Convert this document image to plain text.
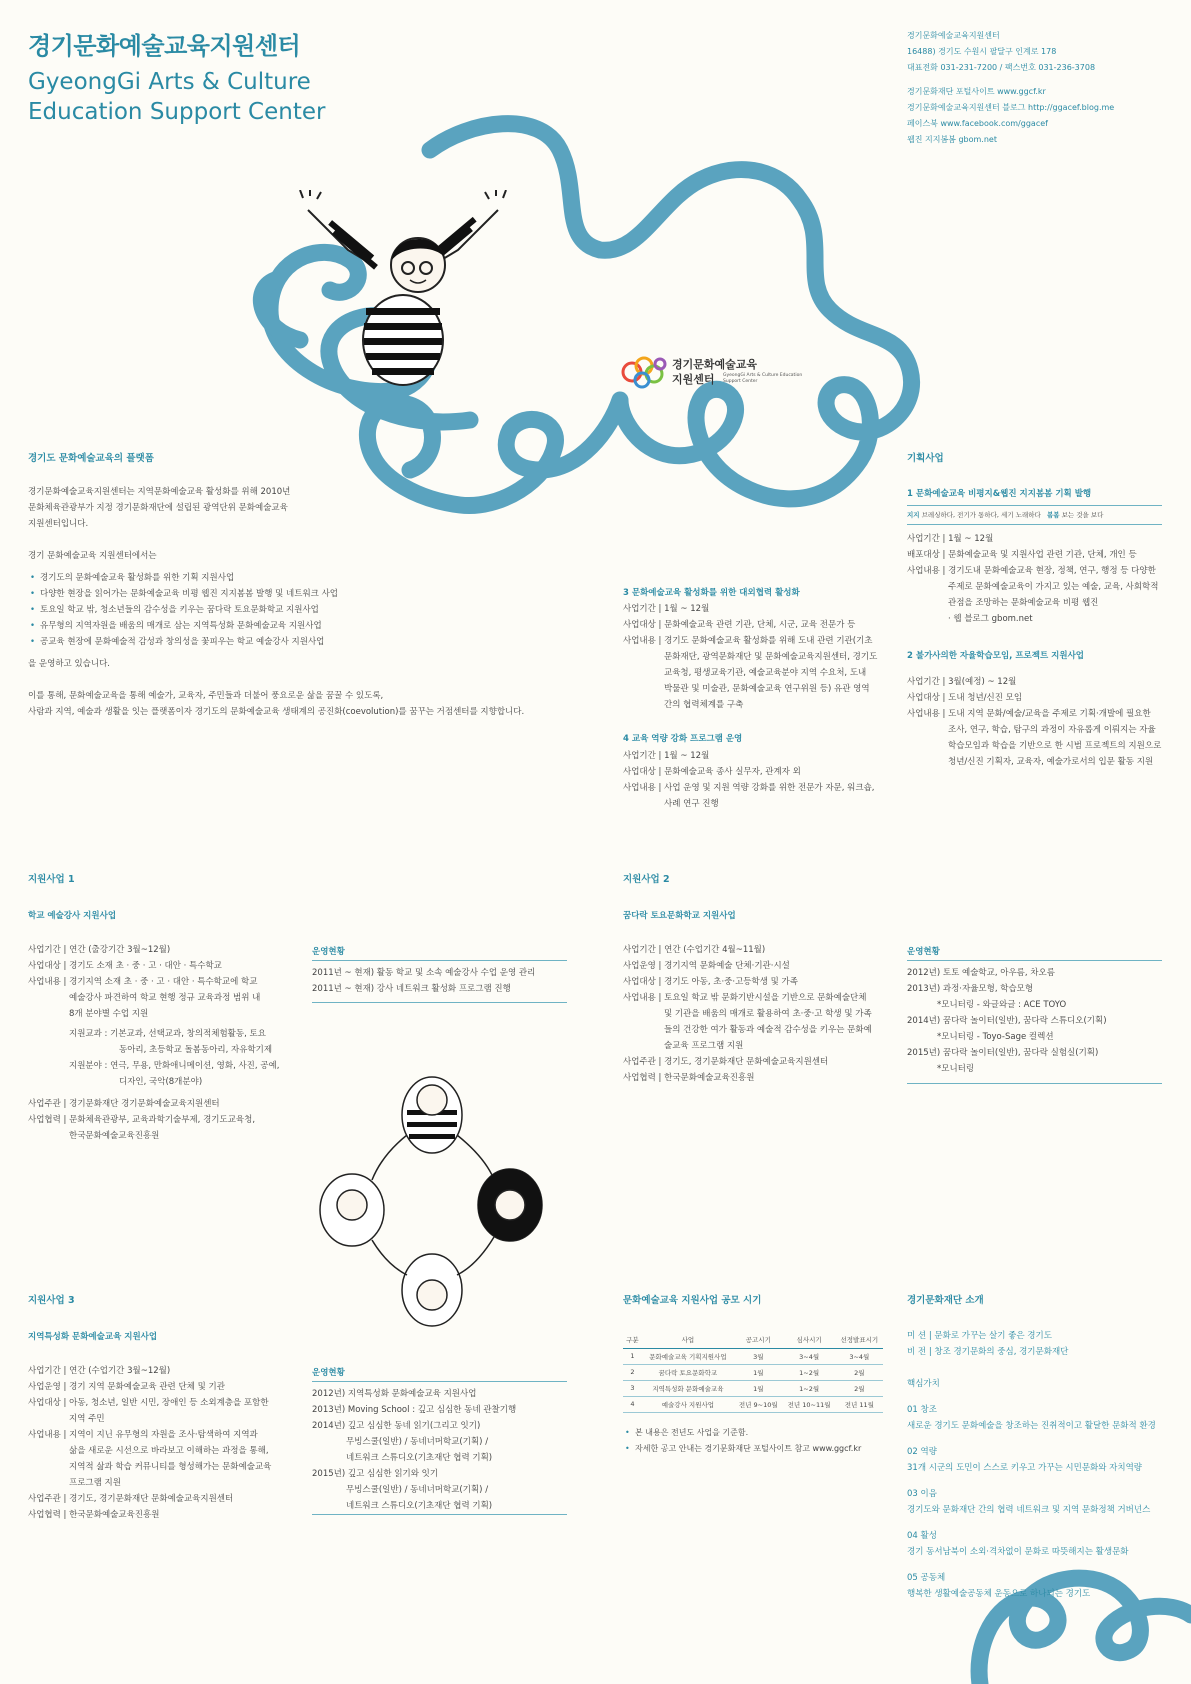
경기문화예술교육지원센터
GyeongGi Arts & Culture
Education Support Center
경기문화예술교육지원센터
16488) 경기도 수원시 팔달구 인계로 178
대표전화 031-231-7200 / 팩스번호 031-236-3708
경기문화재단 포털사이트 www.ggcf.kr
경기문화예술교육지원센터 블로그 http://ggacef.blog.me
페이스북 www.facebook.com/ggacef
웹진 지지봄봄 gbom.net
경기문화예술교육
지원센터 GyeongGi Arts & Culture Education
Support Center
경기도 문화예술교육의 플랫폼
경기문화예술교육지원센터는 지역문화예술교육 활성화를 위해 2010년
문화체육관광부가 지정 경기문화재단에 설립된 광역단위 문화예술교육
지원센터입니다.
경기 문화예술교육 지원센터에서는
• 경기도의 문화예술교육 활성화를 위한 기획 지원사업
• 다양한 현장을 읽어가는 문화예술교육 비평 웹진 지지봄봄 발행 및 네트워크 사업
• 토요일 학교 밖, 청소년들의 감수성을 키우는 꿈다락 토요문화학교 지원사업
• 유무형의 지역자원을 배움의 매개로 삼는 지역특성화 문화예술교육 지원사업
• 공교육 현장에 문화예술적 감성과 창의성을 꽃피우는 학교 예술강사 지원사업
을 운영하고 있습니다.
이를 통해, 문화예술교육을 통해 예술가, 교육자, 주민들과 더불어 풍요로운 삶을 꿈꿀 수 있도록,
사람과 지역, 예술과 생활을 잇는 플랫폼이자 경기도의 문화예술교육 생태계의 공진화(coevolution)를 꿈꾸는 거점센터를 지향합니다.
기획사업
1 문화예술교육 비평지&웹진 지지봄봄 기획 발행
지지 브레싱하다, 전기가 통하다, 세기 노래하다 봄봄 보는 것을 보다
사업기간 | 1월 ~ 12월
배포대상 | 문화예술교육 및 지원사업 관련 기관, 단체, 개인 등
사업내용 | 경기도내 문화예술교육 현장, 정책, 연구, 행정 등 다양한
주제로 문화예술교육이 가지고 있는 예술, 교육, 사회학적
관점을 조망하는 문화예술교육 비평 웹진
· 웹 블로그 gbom.net
2 불가사의한 자율학습모임, 프로젝트 지원사업
사업기간 | 3월(예정) ~ 12월
사업대상 | 도내 청년/신진 모임
사업내용 | 도내 지역 문화/예술/교육을 주제로 기획·개발에 필요한
조사, 연구, 학습, 탐구의 과정이 자유롭게 이뤄지는 자율
학습모임과 학습을 기반으로 한 시범 프로젝트의 지원으로
청년/신진 기획자, 교육자, 예술가로서의 입문 활동 지원
3 문화예술교육 활성화를 위한 대외협력 활성화
사업기간 | 1월 ~ 12월
사업대상 | 문화예술교육 관련 기관, 단체, 시군, 교육 전문가 등
사업내용 | 경기도 문화예술교육 활성화를 위해 도내 관련 기관(기초
문화재단, 광역문화재단 및 문화예술교육지원센터, 경기도
교육청, 평생교육기관, 예술교육분야 지역 수요처, 도내
박물관 및 미술관, 문화예술교육 연구위원 등) 유관 영역
간의 협력체계를 구축
4 교육 역량 강화 프로그램 운영
사업기간 | 1월 ~ 12월
사업대상 | 문화예술교육 종사 실무자, 관계자 외
사업내용 | 사업 운영 및 지원 역량 강화를 위한 전문가 자문, 워크숍,
사례 연구 진행
지원사업 1
학교 예술강사 지원사업
사업기간 | 연간 (출강기간 3월~12월)
사업대상 | 경기도 소재 초 · 중 · 고 · 대안 · 특수학교
사업내용 | 경기지역 소재 초 · 중 · 고 · 대안 · 특수학교에 학교
예술강사 파견하여 학교 현행 정규 교육과정 범위 내
8개 분야별 수업 지원
지원교과 : 기본교과, 선택교과, 창의적체험활동, 토요
동아리, 초등학교 돌봄동아리, 자유학기제
지원분야 : 연극, 무용, 만화애니메이션, 영화, 사진, 공예,
디자인, 국악(8개분야)
사업주관 | 경기문화재단 경기문화예술교육지원센터
사업협력 | 문화체육관광부, 교육과학기술부제, 경기도교육청,
한국문화예술교육진흥원
운영현황
2011년 ~ 현재) 활동 학교 및 소속 예술강사 수업 운영 관리
2011년 ~ 현재) 강사 네트워크 활성화 프로그램 진행
지원사업 2
꿈다락 토요문화학교 지원사업
사업기간 | 연간 (수업기간 4월~11월)
사업운영 | 경기지역 문화예술 단체·기관·시설
사업대상 | 경기도 아동, 초·중·고등학생 및 가족
사업내용 | 토요일 학교 밖 문화기반시설을 기반으로 문화예술단체
및 기관을 배움의 매개로 활용하여 초·중·고 학생 및 가족
들의 건강한 여가 활동과 예술적 감수성을 키우는 문화예
술교육 프로그램 지원
사업주관 | 경기도, 경기문화재단 문화예술교육지원센터
사업협력 | 한국문화예술교육진흥원
운영현황
2012년) 토토 예술학교, 아우름, 차오름
2013년) 과정·자율모형, 학습모형
*모니터링 - 와글와글 : ACE TOYO
2014년) 꿈다락 놀이터(일반), 꿈다락 스튜디오(기획)
*모니터링 - Toyo-Sage 컬렉션
2015년) 꿈다락 놀이터(일반), 꿈다락 실험실(기획)
*모니터링
지원사업 3
지역특성화 문화예술교육 지원사업
사업기간 | 연간 (수업기간 3월~12월)
사업운영 | 경기 지역 문화예술교육 관련 단체 및 기관
사업대상 | 아동, 청소년, 일반 시민, 장애인 등 소외계층을 포함한
지역 주민
사업내용 | 지역이 지닌 유무형의 자원을 조사·탐색하여 지역과
삶을 새로운 시선으로 바라보고 이해하는 과정을 통해,
지역적 삶과 학습 커뮤니티를 형성해가는 문화예술교육
프로그램 지원
사업주관 | 경기도, 경기문화재단 문화예술교육지원센터
사업협력 | 한국문화예술교육진흥원
운영현황
2012년) 지역특성화 문화예술교육 지원사업
2013년) Moving School : 깊고 심심한 동네 관찰기행
2014년) 깊고 심심한 동네 읽기(그리고 잇기)
무빙스쿨(일반) / 동네너머학교(기획) /
네트워크 스튜디오(기초재단 협력 기획)
2015년) 깊고 심심한 읽기와 잇기
무빙스쿨(일반) / 동네너머학교(기획) /
네트워크 스튜디오(기초재단 협력 기획)
문화예술교육 지원사업 공모 시기
구분	사업	공고시기	심사시기	선정발표시기
1	문화예술교육 기획지원사업	3월	3~4월	3~4월
2	꿈다락 토요문화학교	1월	1~2월	2월
3	지역특성화 문화예술교육	1월	1~2월	2월
4	예술강사 지원사업	전년 9~10월	전년 10~11월	전년 11월
• 본 내용은 전년도 사업을 기준함.
• 자세한 공고 안내는 경기문화재단 포털사이트 참고 www.ggcf.kr
경기문화재단 소개
미 션 | 문화로 가꾸는 살기 좋은 경기도
비 전 | 창조 경기문화의 중심, 경기문화재단
핵심가치
01 창조
새로운 경기도 문화예술을 창조하는 진취적이고 활달한 문화적 환경
02 역량
31개 시군의 도민이 스스로 키우고 가꾸는 시민문화와 자치역량
03 이음
경기도와 문화재단 간의 협력 네트워크 및 지역 문화정책 거버넌스
04 활성
경기 동서남북이 소외·격차없이 문화로 따뜻해지는 활생문화
05 공동체
행복한 생활예술공동체 운동으로 하나되는 경기도
